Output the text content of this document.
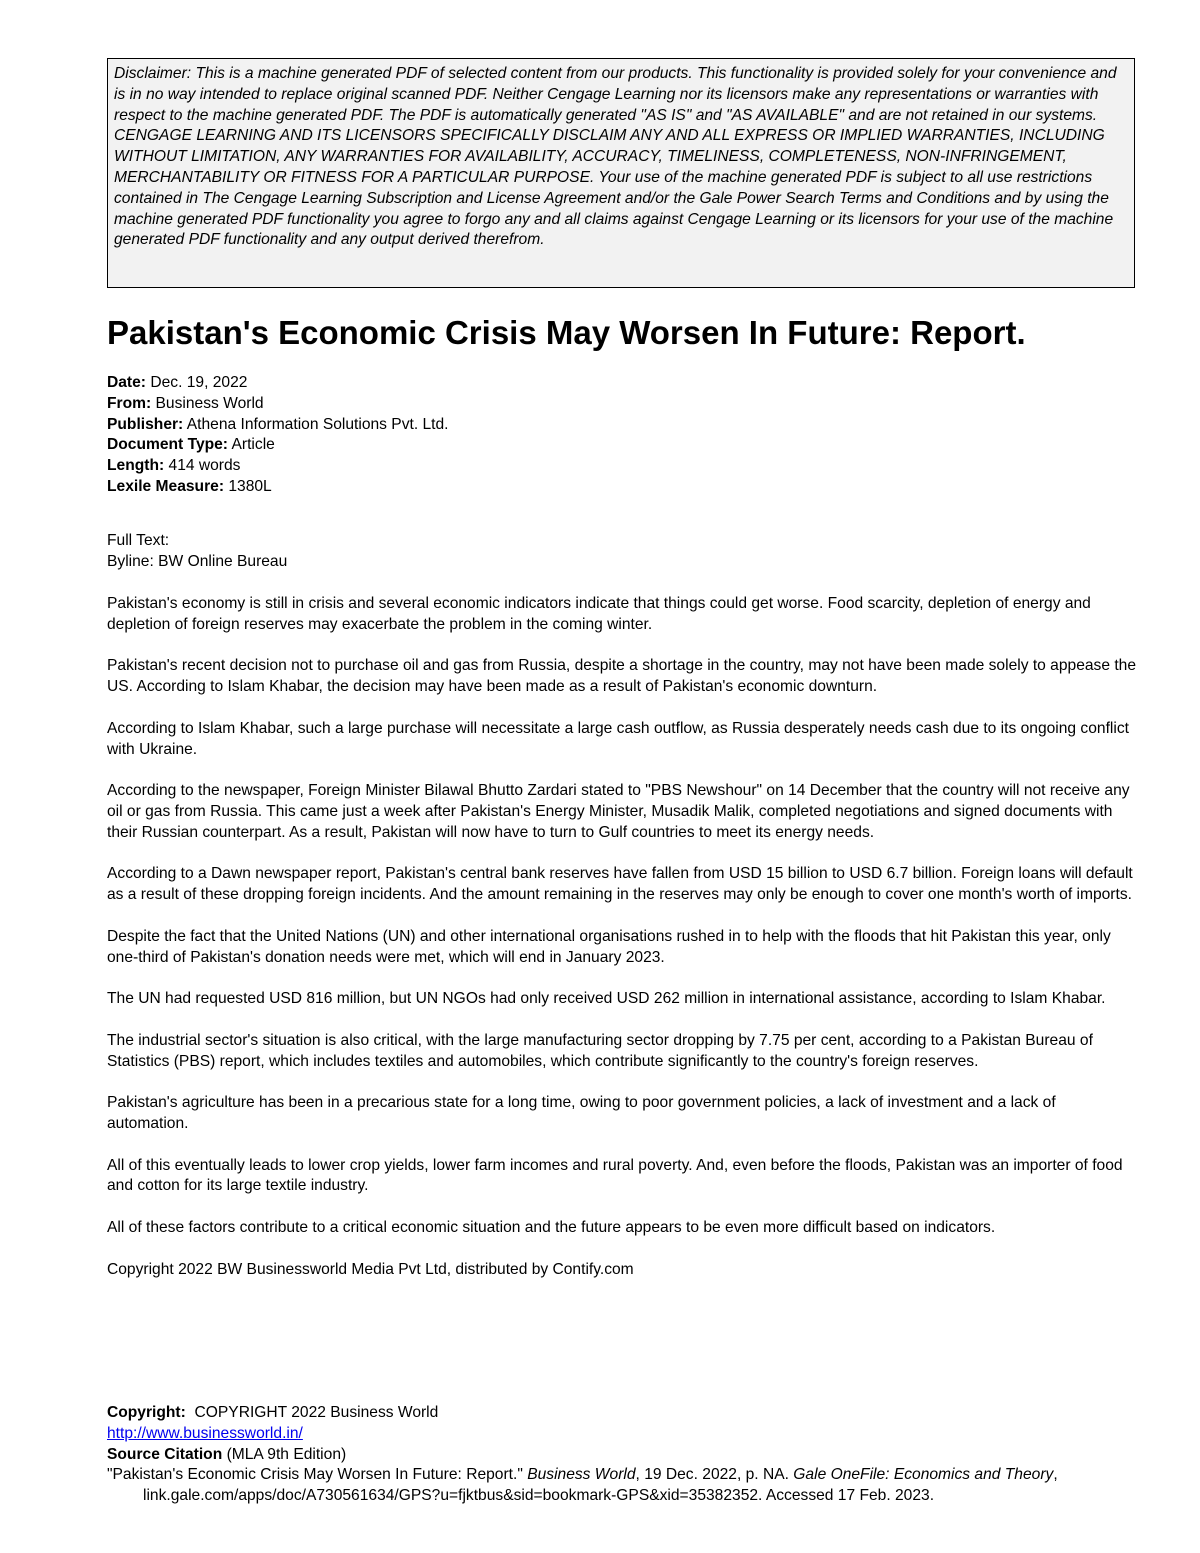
Disclaimer: This is a machine generated PDF of selected content from our products. This functionality is provided solely for your convenience and is in no way intended to replace original scanned PDF. Neither Cengage Learning nor its licensors make any representations or warranties with respect to the machine generated PDF. The PDF is automatically generated "AS IS" and "AS AVAILABLE" and are not retained in our systems. CENGAGE LEARNING AND ITS LICENSORS SPECIFICALLY DISCLAIM ANY AND ALL EXPRESS OR IMPLIED WARRANTIES, INCLUDING WITHOUT LIMITATION, ANY WARRANTIES FOR AVAILABILITY, ACCURACY, TIMELINESS, COMPLETENESS, NON-INFRINGEMENT, MERCHANTABILITY OR FITNESS FOR A PARTICULAR PURPOSE. Your use of the machine generated PDF is subject to all use restrictions contained in The Cengage Learning Subscription and License Agreement and/or the Gale Power Search Terms and Conditions and by using the machine generated PDF functionality you agree to forgo any and all claims against Cengage Learning or its licensors for your use of the machine generated PDF functionality and any output derived therefrom.
Pakistan's Economic Crisis May Worsen In Future: Report.
Date: Dec. 19, 2022
From: Business World
Publisher: Athena Information Solutions Pvt. Ltd.
Document Type: Article
Length: 414 words
Lexile Measure: 1380L
Full Text:
Byline: BW Online Bureau

Pakistan's economy is still in crisis and several economic indicators indicate that things could get worse. Food scarcity, depletion of energy and depletion of foreign reserves may exacerbate the problem in the coming winter.

Pakistan's recent decision not to purchase oil and gas from Russia, despite a shortage in the country, may not have been made solely to appease the US. According to Islam Khabar, the decision may have been made as a result of Pakistan's economic downturn.

According to Islam Khabar, such a large purchase will necessitate a large cash outflow, as Russia desperately needs cash due to its ongoing conflict with Ukraine.

According to the newspaper, Foreign Minister Bilawal Bhutto Zardari stated to "PBS Newshour" on 14 December that the country will not receive any oil or gas from Russia. This came just a week after Pakistan's Energy Minister, Musadik Malik, completed negotiations and signed documents with their Russian counterpart. As a result, Pakistan will now have to turn to Gulf countries to meet its energy needs.

According to a Dawn newspaper report, Pakistan's central bank reserves have fallen from USD 15 billion to USD 6.7 billion. Foreign loans will default as a result of these dropping foreign incidents. And the amount remaining in the reserves may only be enough to cover one month's worth of imports.

Despite the fact that the United Nations (UN) and other international organisations rushed in to help with the floods that hit Pakistan this year, only one-third of Pakistan's donation needs were met, which will end in January 2023.

The UN had requested USD 816 million, but UN NGOs had only received USD 262 million in international assistance, according to Islam Khabar.

The industrial sector's situation is also critical, with the large manufacturing sector dropping by 7.75 per cent, according to a Pakistan Bureau of Statistics (PBS) report, which includes textiles and automobiles, which contribute significantly to the country's foreign reserves.

Pakistan's agriculture has been in a precarious state for a long time, owing to poor government policies, a lack of investment and a lack of automation.

All of this eventually leads to lower crop yields, lower farm incomes and rural poverty. And, even before the floods, Pakistan was an importer of food and cotton for its large textile industry.

All of these factors contribute to a critical economic situation and the future appears to be even more difficult based on indicators.

Copyright 2022 BW Businessworld Media Pvt Ltd, distributed by Contify.com

Copyright: COPYRIGHT 2022 Business World
http://www.businessworld.in/
Source Citation (MLA 9th Edition)
"Pakistan's Economic Crisis May Worsen In Future: Report." Business World, 19 Dec. 2022, p. NA. Gale OneFile: Economics and Theory, link.gale.com/apps/doc/A730561634/GPS?u=fjktbus&sid=bookmark-GPS&xid=35382352. Accessed 17 Feb. 2023.
